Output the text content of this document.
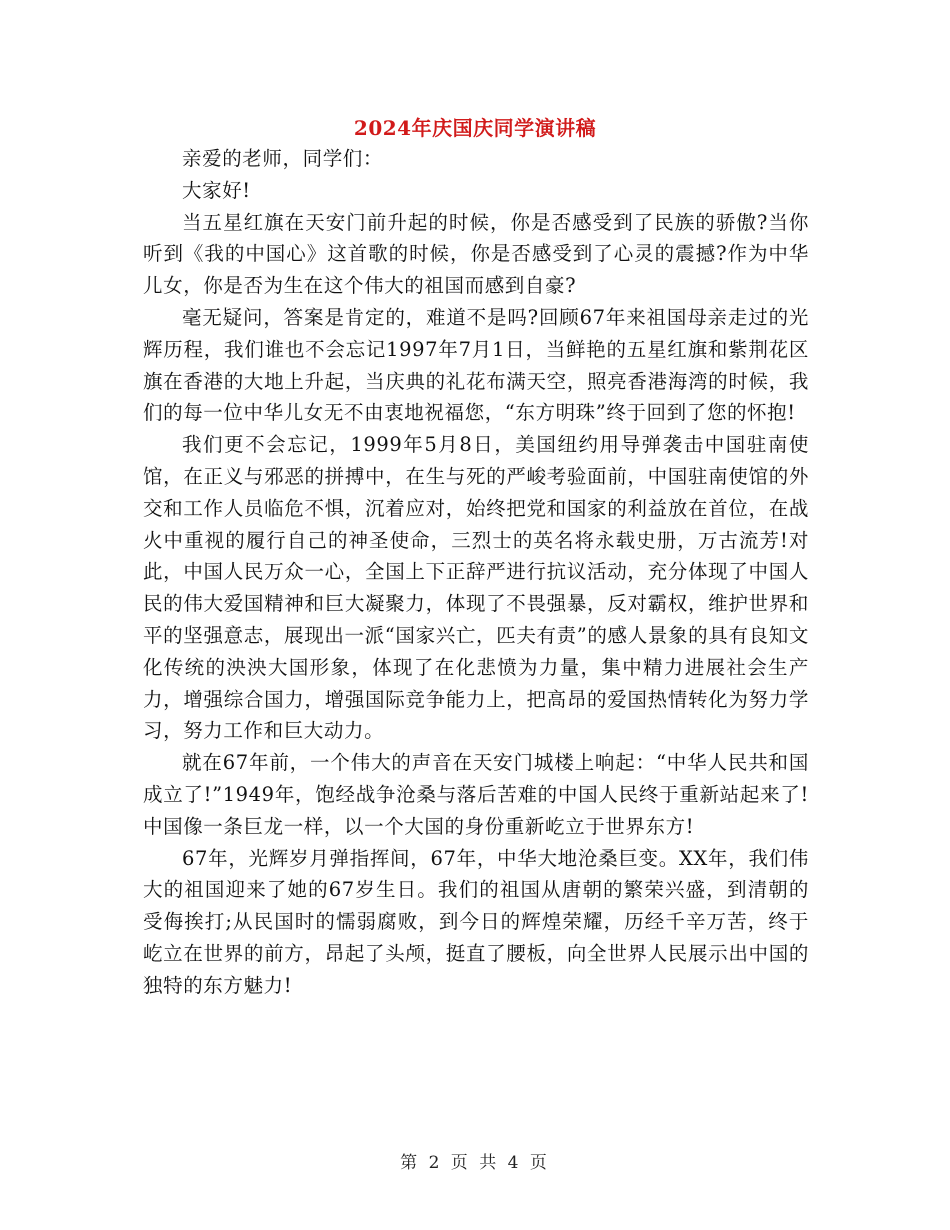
2024年庆国庆同学演讲稿

亲爱的老师，同学们：

大家好!

当五星红旗在天安门前升起的时候，你是否感受到了民族的骄傲?当你听到《我的中国心》这首歌的时候，你是否感受到了心灵的震撼?作为中华儿女，你是否为生在这个伟大的祖国而感到自豪?

毫无疑问，答案是肯定的，难道不是吗?回顾67年来祖国母亲走过的光辉历程，我们谁也不会忘记1997年7月1日，当鲜艳的五星红旗和紫荆花区旗在香港的大地上升起，当庆典的礼花布满天空，照亮香港海湾的时候，我们的每一位中华儿女无不由衷地祝福您，“东方明珠”终于回到了您的怀抱!

我们更不会忘记，1999年5月8日，美国纽约用导弹袭击中国驻南使馆，在正义与邪恶的拼搏中，在生与死的严峻考验面前，中国驻南使馆的外交和工作人员临危不惧，沉着应对，始终把党和国家的利益放在首位，在战火中重视的履行自己的神圣使命，三烈士的英名将永载史册，万古流芳!对此，中国人民万众一心，全国上下正辞严进行抗议活动，充分体现了中国人民的伟大爱国精神和巨大凝聚力，体现了不畏强暴，反对霸权，维护世界和平的坚强意志，展现出一派“国家兴亡，匹夫有责”的感人景象的具有良知文化传统的泱泱大国形象，体现了在化悲愤为力量，集中精力进展社会生产力，增强综合国力，增强国际竞争能力上，把高昂的爱国热情转化为努力学习，努力工作和巨大动力。

就在67年前，一个伟大的声音在天安门城楼上响起：“中华人民共和国成立了!”1949年，饱经战争沧桑与落后苦难的中国人民终于重新站起来了!中国像一条巨龙一样，以一个大国的身份重新屹立于世界东方!

67年，光辉岁月弹指挥间，67年，中华大地沧桑巨变。XX年，我们伟大的祖国迎来了她的67岁生日。我们的祖国从唐朝的繁荣兴盛，到清朝的受侮挨打;从民国时的懦弱腐败，到今日的辉煌荣耀，历经千辛万苦，终于屹立在世界的前方，昂起了头颅，挺直了腰板，向全世界人民展示出中国的独特的东方魅力!

第 2 页 共 4 页
